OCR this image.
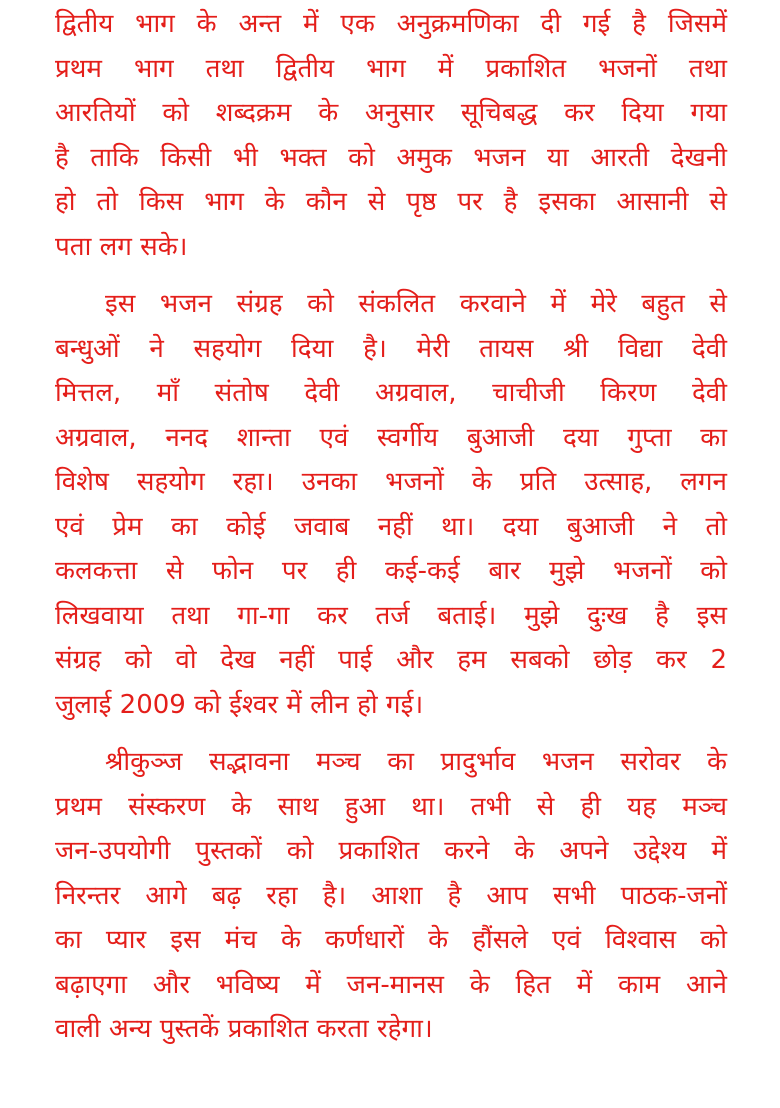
द्वितीय भाग के अन्त में एक अनुक्रमणिका दी गई है जिसमें
प्रथम भाग तथा द्वितीय भाग में प्रकाशित भजनों तथा
आरतियों को शब्दक्रम के अनुसार सूचिबद्ध कर दिया गया
है ताकि किसी भी भक्त को अमुक भजन या आरती देखनी
हो तो किस भाग के कौन से पृष्ठ पर है इसका आसानी से
पता लग सके।
इस भजन संग्रह को संकलित करवाने में मेरे बहुत से
बन्धुओं ने सहयोग दिया है। मेरी तायस श्री विद्या देवी
मित्तल, माँ संतोष देवी अग्रवाल, चाचीजी किरण देवी
अग्रवाल, ननद शान्ता एवं स्वर्गीय बुआजी दया गुप्ता का
विशेष सहयोग रहा। उनका भजनों के प्रति उत्साह, लगन
एवं प्रेम का कोई जवाब नहीं था। दया बुआजी ने तो
कलकत्ता से फोन पर ही कई-कई बार मुझे भजनों को
लिखवाया तथा गा-गा कर तर्ज बताई। मुझे दुःख है इस
संग्रह को वो देख नहीं पाई और हम सबको छोड़ कर 2
जुलाई 2009 को ईश्वर में लीन हो गई।
श्रीकुञ्ज सद्भावना मञ्च का प्रादुर्भाव भजन सरोवर के
प्रथम संस्करण के साथ हुआ था। तभी से ही यह मञ्च
जन-उपयोगी पुस्तकों को प्रकाशित करने के अपने उद्देश्य में
निरन्तर आगे बढ़ रहा है। आशा है आप सभी पाठक-जनों
का प्यार इस मंच के कर्णधारों के हौंसले एवं विश्वास को
बढ़ाएगा और भविष्य में जन-मानस के हित में काम आने
वाली अन्य पुस्तकें प्रकाशित करता रहेगा।
